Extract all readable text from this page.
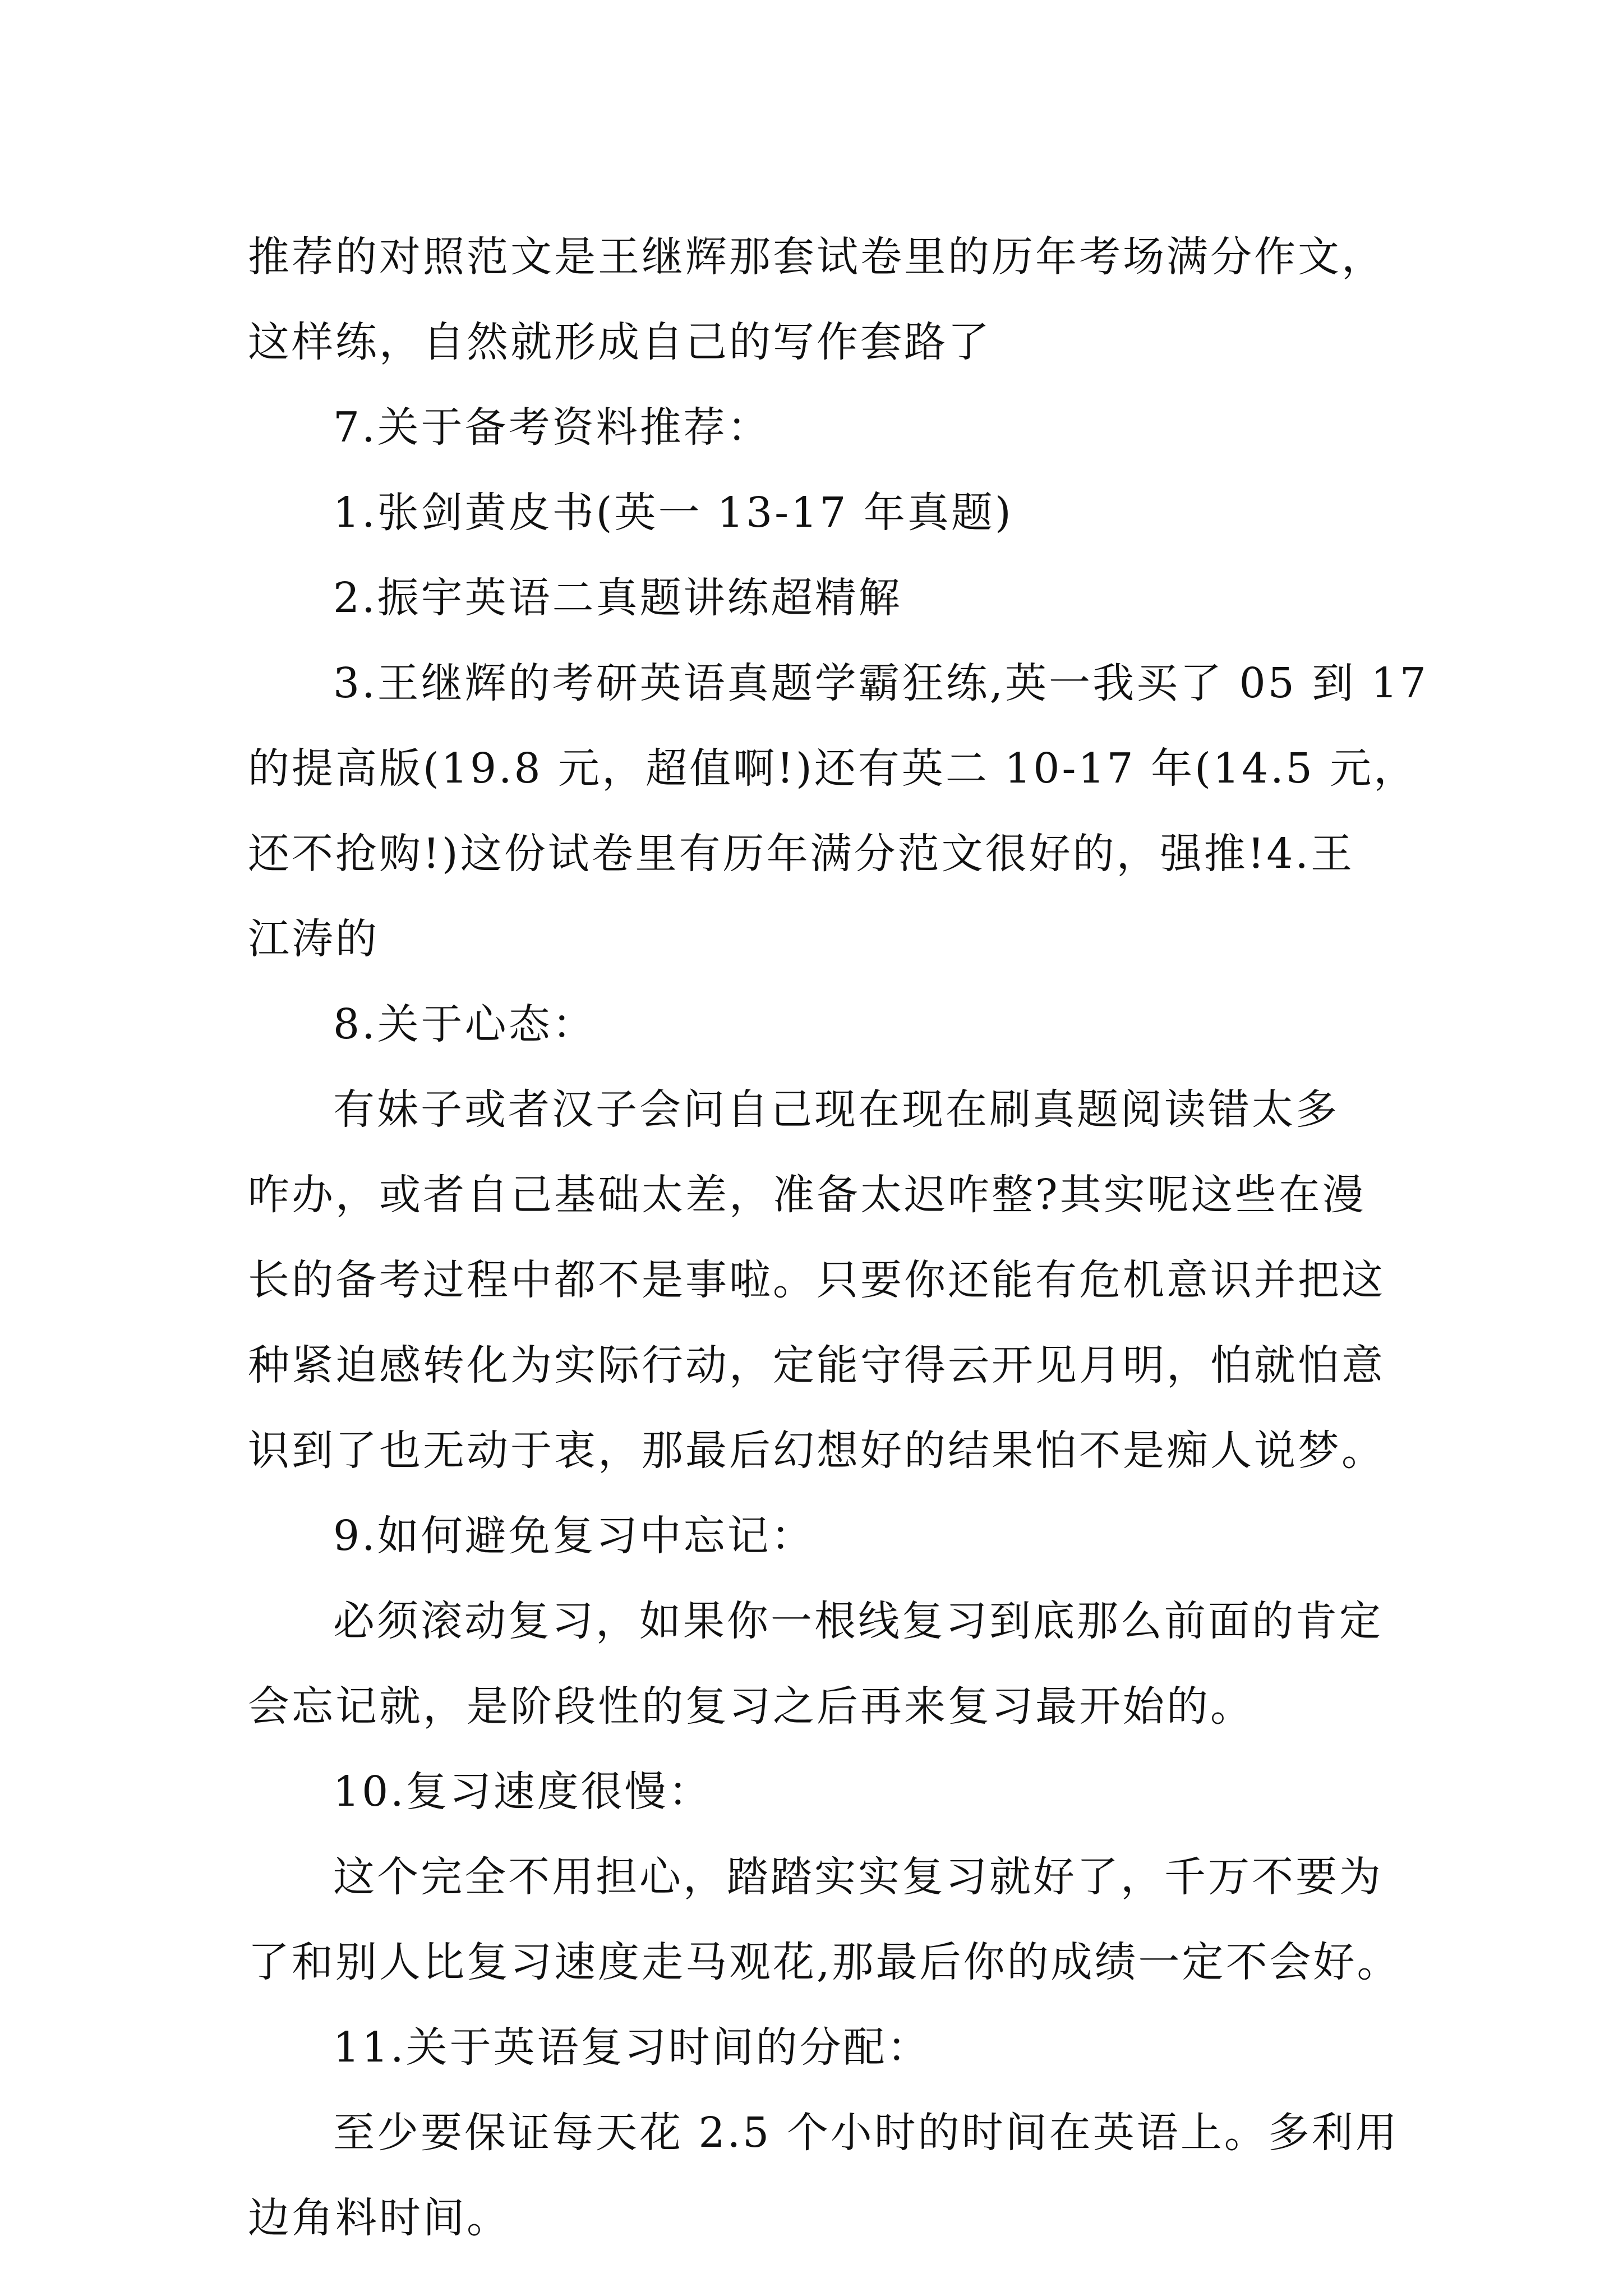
推荐的对照范文是王继辉那套试卷里的历年考场满分作文，
这样练，自然就形成自己的写作套路了
7.关于备考资料推荐：
1.张剑黄皮书(英一 13-17 年真题)
2.振宇英语二真题讲练超精解
3.王继辉的考研英语真题学霸狂练,英一我买了 05 到 17
的提高版(19.8 元，超值啊!)还有英二 10-17 年(14.5 元，
还不抢购!)这份试卷里有历年满分范文很好的，强推!4.王
江涛的
8.关于心态：
有妹子或者汉子会问自己现在现在刷真题阅读错太多
咋办，或者自己基础太差，准备太迟咋整?其实呢这些在漫
长的备考过程中都不是事啦。只要你还能有危机意识并把这
种紧迫感转化为实际行动，定能守得云开见月明，怕就怕意
识到了也无动于衷，那最后幻想好的结果怕不是痴人说梦。
9.如何避免复习中忘记：
必须滚动复习，如果你一根线复习到底那么前面的肯定
会忘记就，是阶段性的复习之后再来复习最开始的。
10.复习速度很慢：
这个完全不用担心，踏踏实实复习就好了，千万不要为
了和别人比复习速度走马观花,那最后你的成绩一定不会好。
11.关于英语复习时间的分配：
至少要保证每天花 2.5 个小时的时间在英语上。多利用
边角料时间。
